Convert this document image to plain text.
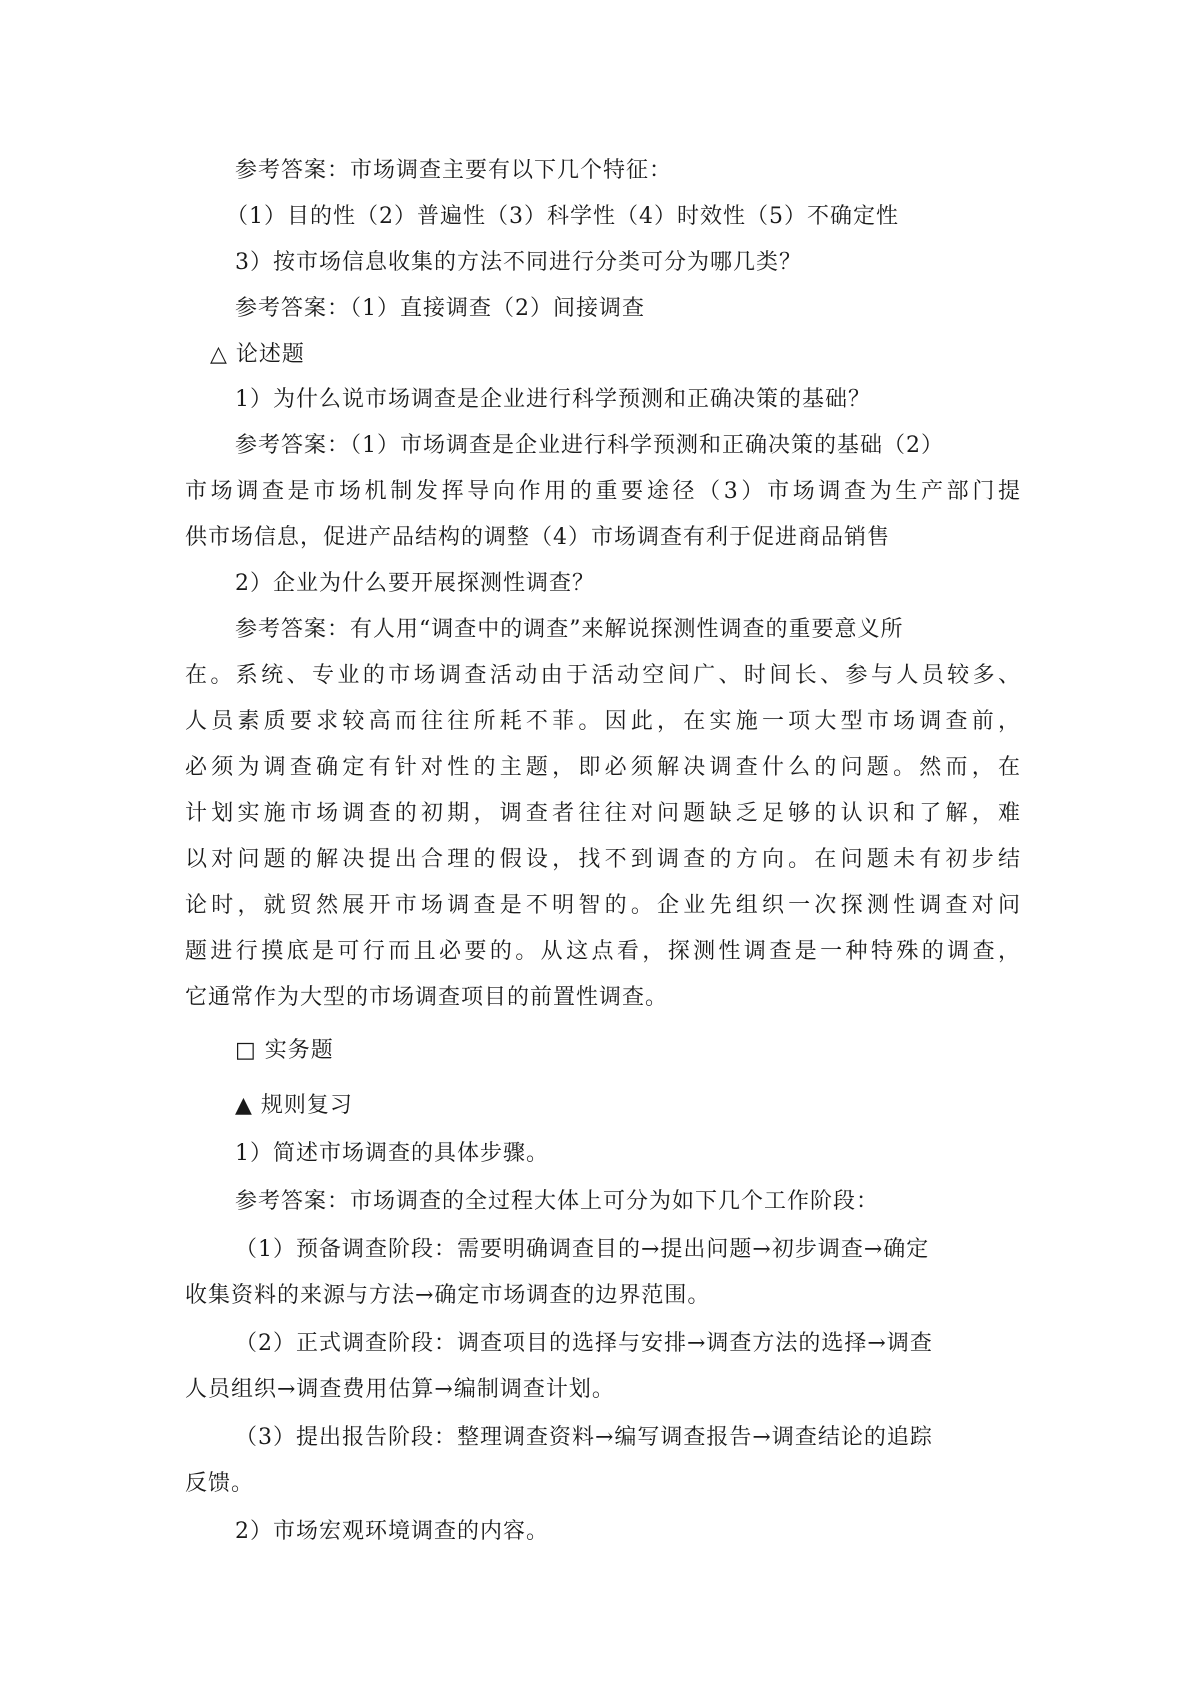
参考答案：市场调查主要有以下几个特征：

（1）目的性（2）普遍性（3）科学性（4）时效性（5）不确定性

3）按市场信息收集的方法不同进行分类可分为哪几类？

参考答案：（1）直接调查（2）间接调查

△ 论述题

1）为什么说市场调查是企业进行科学预测和正确决策的基础？

参考答案：（1）市场调查是企业进行科学预测和正确决策的基础（2）

市场调查是市场机制发挥导向作用的重要途径（3）市场调查为生产部门提

供市场信息，促进产品结构的调整（4）市场调查有利于促进商品销售

2）企业为什么要开展探测性调查？

参考答案：有人用“调查中的调查”来解说探测性调查的重要意义所

在。系统、专业的市场调查活动由于活动空间广、时间长、参与人员较多、

人员素质要求较高而往往所耗不菲。因此，在实施一项大型市场调查前，

必须为调查确定有针对性的主题，即必须解决调查什么的问题。然而，在

计划实施市场调查的初期，调查者往往对问题缺乏足够的认识和了解，难

以对问题的解决提出合理的假设，找不到调查的方向。在问题未有初步结

论时，就贸然展开市场调查是不明智的。企业先组织一次探测性调查对问

题进行摸底是可行而且必要的。从这点看，探测性调查是一种特殊的调查，

它通常作为大型的市场调查项目的前置性调查。

□ 实务题

▲ 规则复习

1）简述市场调查的具体步骤。

参考答案：市场调查的全过程大体上可分为如下几个工作阶段：

（1）预备调查阶段：需要明确调查目的→提出问题→初步调查→确定

收集资料的来源与方法→确定市场调查的边界范围。

（2）正式调查阶段：调查项目的选择与安排→调查方法的选择→调查

人员组织→调查费用估算→编制调查计划。

（3）提出报告阶段：整理调查资料→编写调查报告→调查结论的追踪

反馈。

2）市场宏观环境调查的内容。
